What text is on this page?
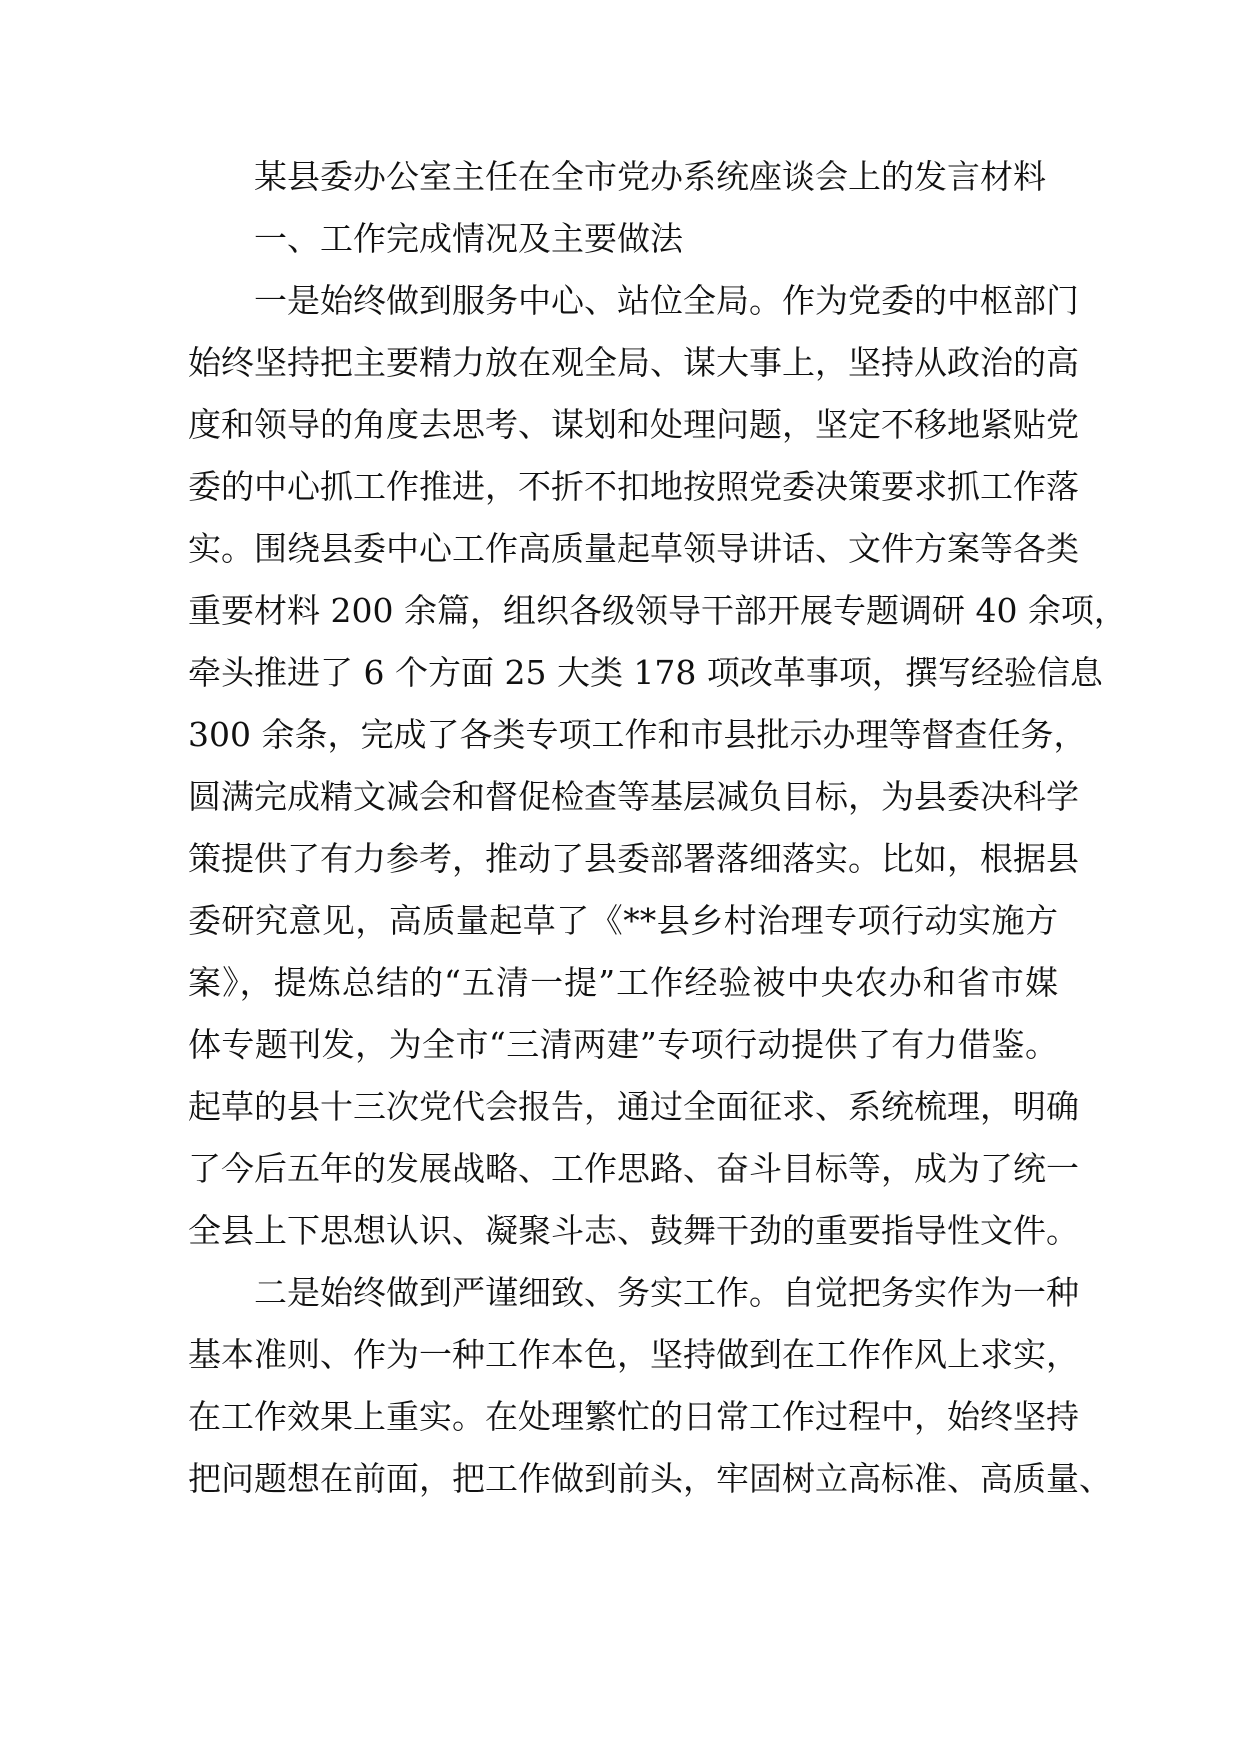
某县委办公室主任在全市党办系统座谈会上的发言材料
一、工作完成情况及主要做法
一是始终做到服务中心、站位全局。作为党委的中枢部门
始终坚持把主要精力放在观全局、谋大事上，坚持从政治的高
度和领导的角度去思考、谋划和处理问题，坚定不移地紧贴党
委的中心抓工作推进，不折不扣地按照党委决策要求抓工作落
实。围绕县委中心工作高质量起草领导讲话、文件方案等各类
重要材料 200 余篇，组织各级领导干部开展专题调研 40 余项，
牵头推进了 6 个方面 25 大类 178 项改革事项，撰写经验信息
300 余条，完成了各类专项工作和市县批示办理等督查任务，
圆满完成精文减会和督促检查等基层减负目标，为县委决科学
策提供了有力参考，推动了县委部署落细落实。比如，根据县
委研究意见，高质量起草了《**县乡村治理专项行动实施方
案》，提炼总结的“五清一提”工作经验被中央农办和省市媒
体专题刊发，为全市“三清两建”专项行动提供了有力借鉴。
起草的县十三次党代会报告，通过全面征求、系统梳理，明确
了今后五年的发展战略、工作思路、奋斗目标等，成为了统一
全县上下思想认识、凝聚斗志、鼓舞干劲的重要指导性文件。
二是始终做到严谨细致、务实工作。自觉把务实作为一种
基本准则、作为一种工作本色，坚持做到在工作作风上求实，
在工作效果上重实。在处理繁忙的日常工作过程中，始终坚持
把问题想在前面，把工作做到前头，牢固树立高标准、高质量、
